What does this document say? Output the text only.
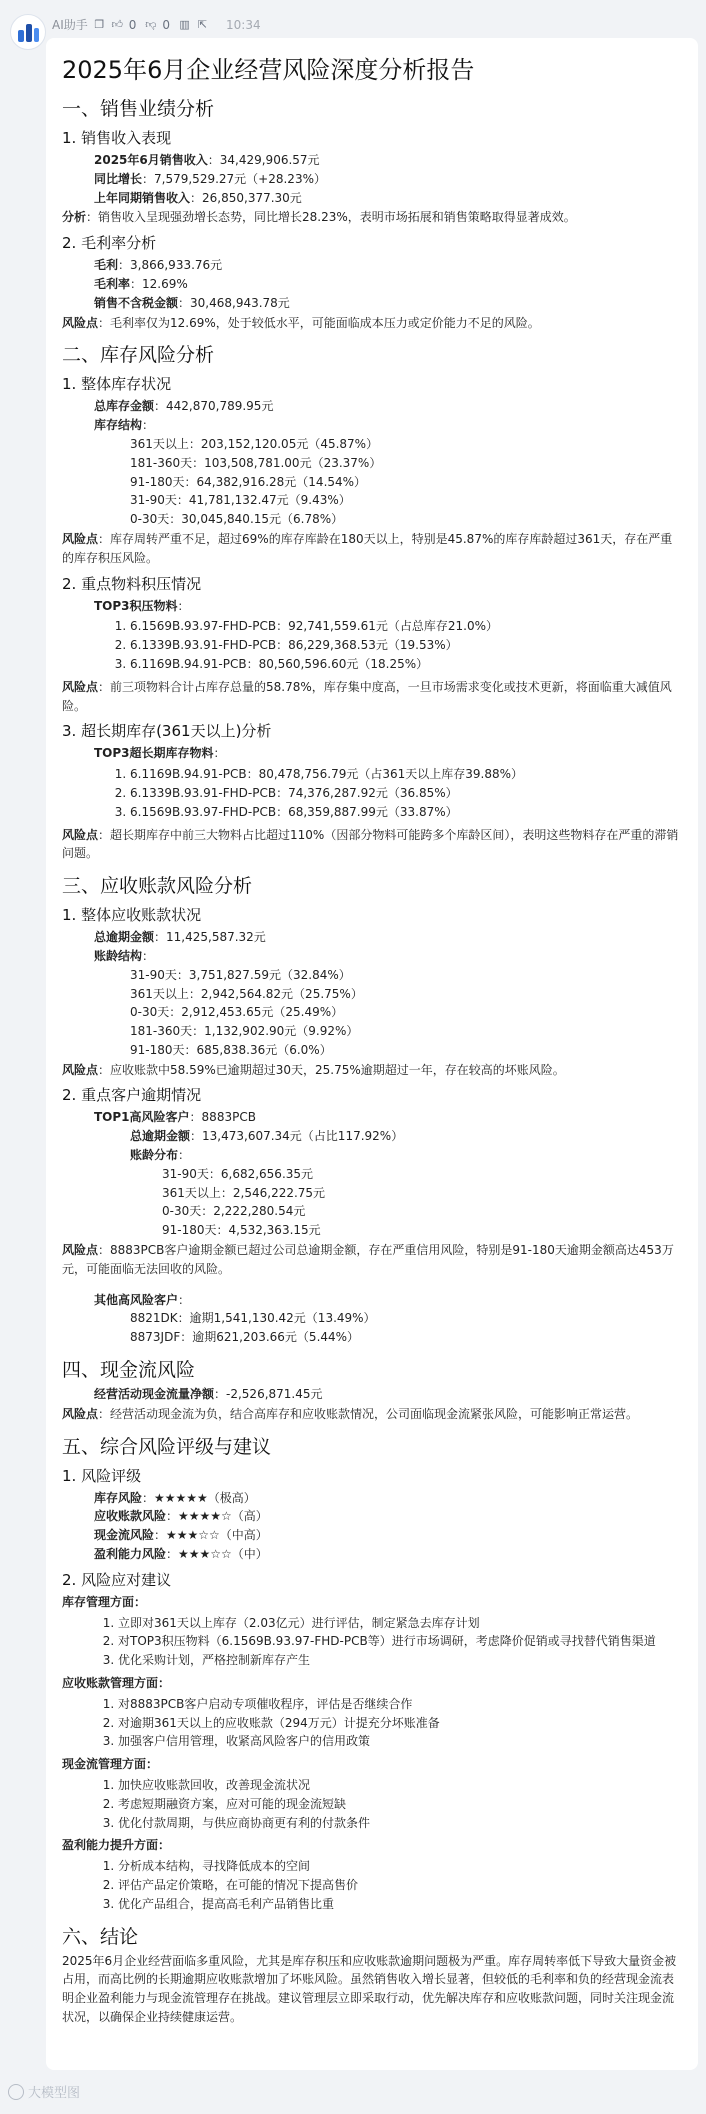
AI助手 ❐ 👍︎ 0 👎︎ 0 ▥ ⇱ 10:34
2025年6月企业经营风险深度分析报告
一、销售业绩分析
1. 销售收入表现

2025年6月销售收入：34,429,906.57元

同比增长：7,579,529.27元（+28.23%）

上年同期销售收入：26,850,377.30元

分析：销售收入呈现强劲增长态势，同比增长28.23%，表明市场拓展和销售策略取得显著成效。

2. 毛利率分析

毛利：3,866,933.76元

毛利率：12.69%

销售不含税金额：30,468,943.78元

风险点：毛利率仅为12.69%，处于较低水平，可能面临成本压力或定价能力不足的风险。

二、库存风险分析
1. 整体库存状况

总库存金额：442,870,789.95元

库存结构：

361天以上：203,152,120.05元（45.87%）

181-360天：103,508,781.00元（23.37%）

91-180天：64,382,916.28元（14.54%）

31-90天：41,781,132.47元（9.43%）

0-30天：30,045,840.15元（6.78%）

风险点：库存周转严重不足，超过69%的库存库龄在180天以上，特别是45.87%的库存库龄超过361天，存在严重的库存积压风险。

2. 重点物料积压情况

TOP3积压物料：

1. 6.1569B.93.97-FHD-PCB：92,741,559.61元（占总库存21.0%）
2. 6.1339B.93.91-FHD-PCB：86,229,368.53元（19.53%）
3. 6.1169B.94.91-PCB：80,560,596.60元（18.25%）

风险点：前三项物料合计占库存总量的58.78%，库存集中度高，一旦市场需求变化或技术更新，将面临重大减值风险。

3. 超长期库存(361天以上)分析

TOP3超长期库存物料：

1. 6.1169B.94.91-PCB：80,478,756.79元（占361天以上库存39.88%）
2. 6.1339B.93.91-FHD-PCB：74,376,287.92元（36.85%）
3. 6.1569B.93.97-FHD-PCB：68,359,887.99元（33.87%）

风险点：超长期库存中前三大物料占比超过110%（因部分物料可能跨多个库龄区间），表明这些物料存在严重的滞销问题。

三、应收账款风险分析
1. 整体应收账款状况

总逾期金额：11,425,587.32元

账龄结构：

31-90天：3,751,827.59元（32.84%）

361天以上：2,942,564.82元（25.75%）

0-30天：2,912,453.65元（25.49%）

181-360天：1,132,902.90元（9.92%）

91-180天：685,838.36元（6.0%）

风险点：应收账款中58.59%已逾期超过30天，25.75%逾期超过一年，存在较高的坏账风险。

2. 重点客户逾期情况

TOP1高风险客户：8883PCB

总逾期金额：13,473,607.34元（占比117.92%）

账龄分布：

31-90天：6,682,656.35元

361天以上：2,546,222.75元

0-30天：2,222,280.54元

91-180天：4,532,363.15元

风险点：8883PCB客户逾期金额已超过公司总逾期金额，存在严重信用风险，特别是91-180天逾期金额高达453万元，可能面临无法回收的风险。

其他高风险客户：

8821DK：逾期1,541,130.42元（13.49%）

8873JDF：逾期621,203.66元（5.44%）

四、现金流风险

经营活动现金流量净额：-2,526,871.45元

风险点：经营活动现金流为负，结合高库存和应收账款情况，公司面临现金流紧张风险，可能影响正常运营。

五、综合风险评级与建议
1. 风险评级

库存风险：★★★★★（极高）

应收账款风险：★★★★☆（高）

现金流风险：★★★☆☆（中高）

盈利能力风险：★★★☆☆（中）

2. 风险应对建议
库存管理方面：
1. 立即对361天以上库存（2.03亿元）进行评估，制定紧急去库存计划
2. 对TOP3积压物料（6.1569B.93.97-FHD-PCB等）进行市场调研，考虑降价促销或寻找替代销售渠道
3. 优化采购计划，严格控制新库存产生
应收账款管理方面：
1. 对8883PCB客户启动专项催收程序，评估是否继续合作
2. 对逾期361天以上的应收账款（294万元）计提充分坏账准备
3. 加强客户信用管理，收紧高风险客户的信用政策
现金流管理方面：
1. 加快应收账款回收，改善现金流状况
2. 考虑短期融资方案，应对可能的现金流短缺
3. 优化付款周期，与供应商协商更有利的付款条件
盈利能力提升方面：
1. 分析成本结构，寻找降低成本的空间
2. 评估产品定价策略，在可能的情况下提高售价
3. 优化产品组合，提高高毛利产品销售比重
六、结论

2025年6月企业经营面临多重风险，尤其是库存积压和应收账款逾期问题极为严重。库存周转率低下导致大量资金被占用，而高比例的长期逾期应收账款增加了坏账风险。虽然销售收入增长显著，但较低的毛利率和负的经营现金流表明企业盈利能力与现金流管理存在挑战。建议管理层立即采取行动，优先解决库存和应收账款问题，同时关注现金流状况，以确保企业持续健康运营。

大模型图
